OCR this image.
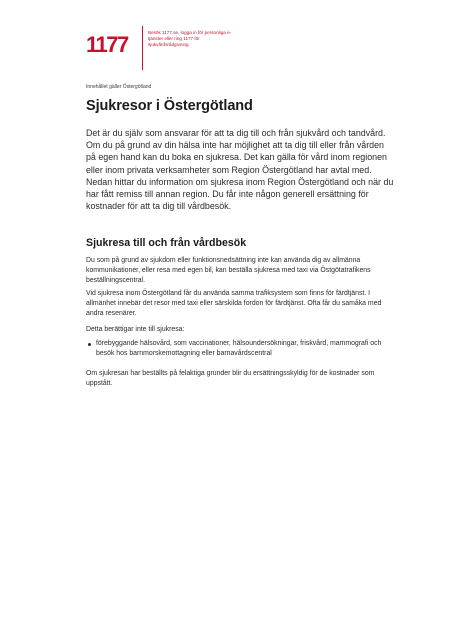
1177	Besök 1177.se, logga in för personliga e-tjänster eller ring 1177 för sjukvårdsrådgivning.
Innehållet gäller Östergötland
Sjukresor i Östergötland

Det är du själv som ansvarar för att ta dig till och från sjukvård och tandvård. Om du på grund av din hälsa inte har möjlighet att ta dig till eller från vården på egen hand kan du boka en sjukresa. Det kan gälla för vård inom regionen eller inom privata verksamheter som Region Östergötland har avtal med. Nedan hittar du information om sjukresa inom Region Östergötland och när du har fått remiss till annan region. Du får inte någon generell ersättning för kostnader för att ta dig till vårdbesök.

Sjukresa till och från vårdbesök

Du som på grund av sjukdom eller funktionsnedsättning inte kan använda dig av allmänna kommunikationer, eller resa med egen bil, kan beställa sjukresa med taxi via Östgötatrafikens beställningscentral.

Vid sjukresa inom Östergötland får du använda samma trafiksystem som finns för färdtjänst. I allmänhet innebär det resor med taxi eller särskilda fordon för färdtjänst. Ofta får du samåka med andra resenärer.

Detta berättigar inte till sjukresa:

förebyggande hälsovård, som vaccinationer, hälsoundersökningar, friskvård, mammografi och besök hos barnmorskemottagning eller barnavårdscentral

Om sjukresan har beställts på felaktiga grunder blir du ersättningsskyldig för de kostnader som uppstått.
